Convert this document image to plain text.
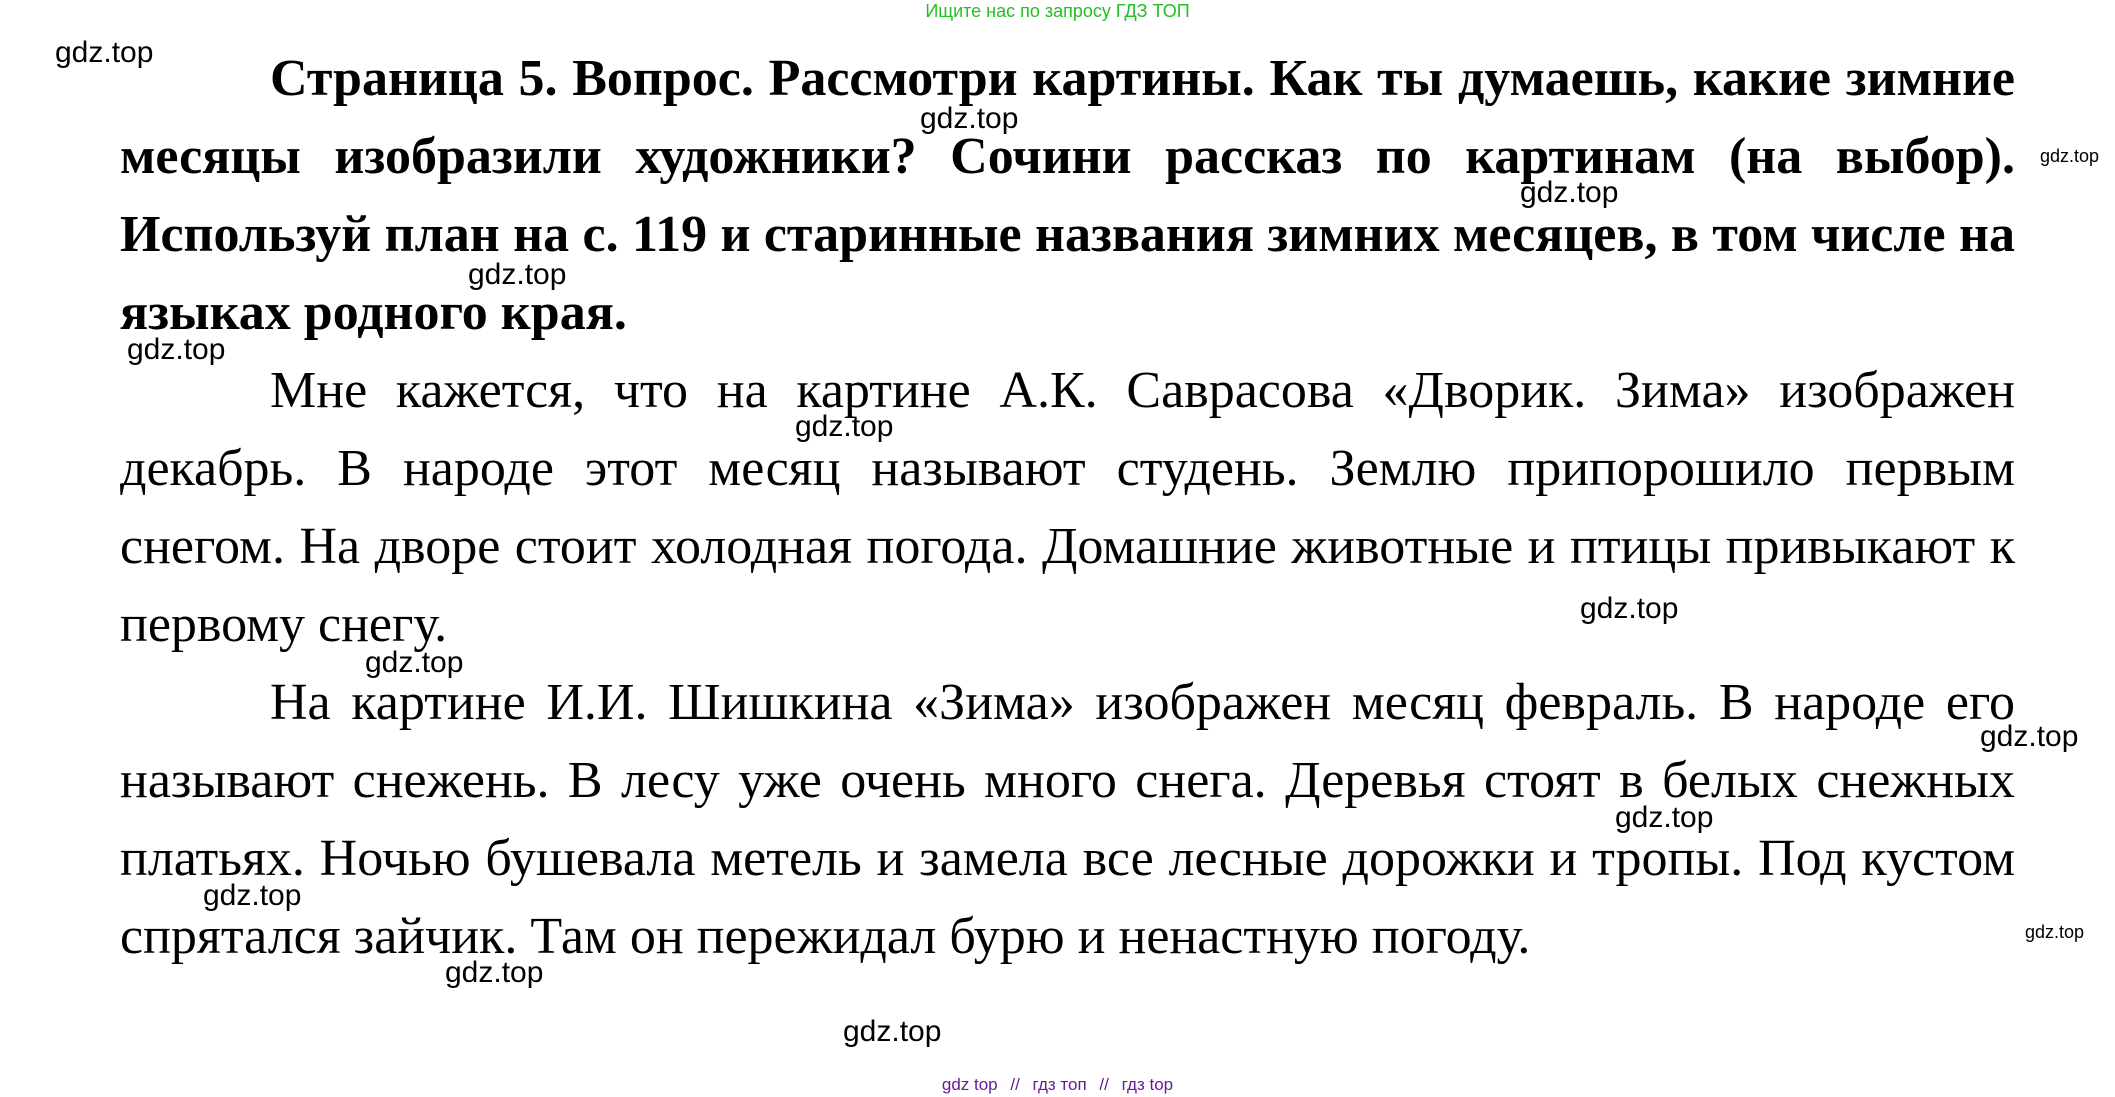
Ищите нас по запросу ГДЗ ТОП

Страница 5. Вопрос. Рассмотри картины. Как ты думаешь, какие зимние месяцы изобразили художники? Сочини рассказ по картинам (на выбор). Используй план на с. 119 и старинные названия зимних месяцев, в том числе на языках родного края.

Мне кажется, что на картине А.К. Саврасова «Дворик. Зима» изображен декабрь. В народе этот месяц называют студень. Землю припорошило первым снегом. На дворе стоит холодная погода. Домашние животные и птицы привыкают к первому снегу.

На картине И.И. Шишкина «Зима» изображен месяц февраль. В народе его называют снежень. В лесу уже очень много снега. Деревья стоят в белых снежных платьях. Ночью бушевала метель и замела все лесные дорожки и тропы. Под кустом спрятался зайчик. Там он пережидал бурю и ненастную погоду.

gdz.top
gdz.top
gdz.top
gdz.top
gdz.top
gdz.top
gdz.top
gdz.top
gdz.top
gdz.top
gdz.top
gdz.top
gdz.top
gdz.top
gdz.top
gdz top // гдз топ // гдз top
